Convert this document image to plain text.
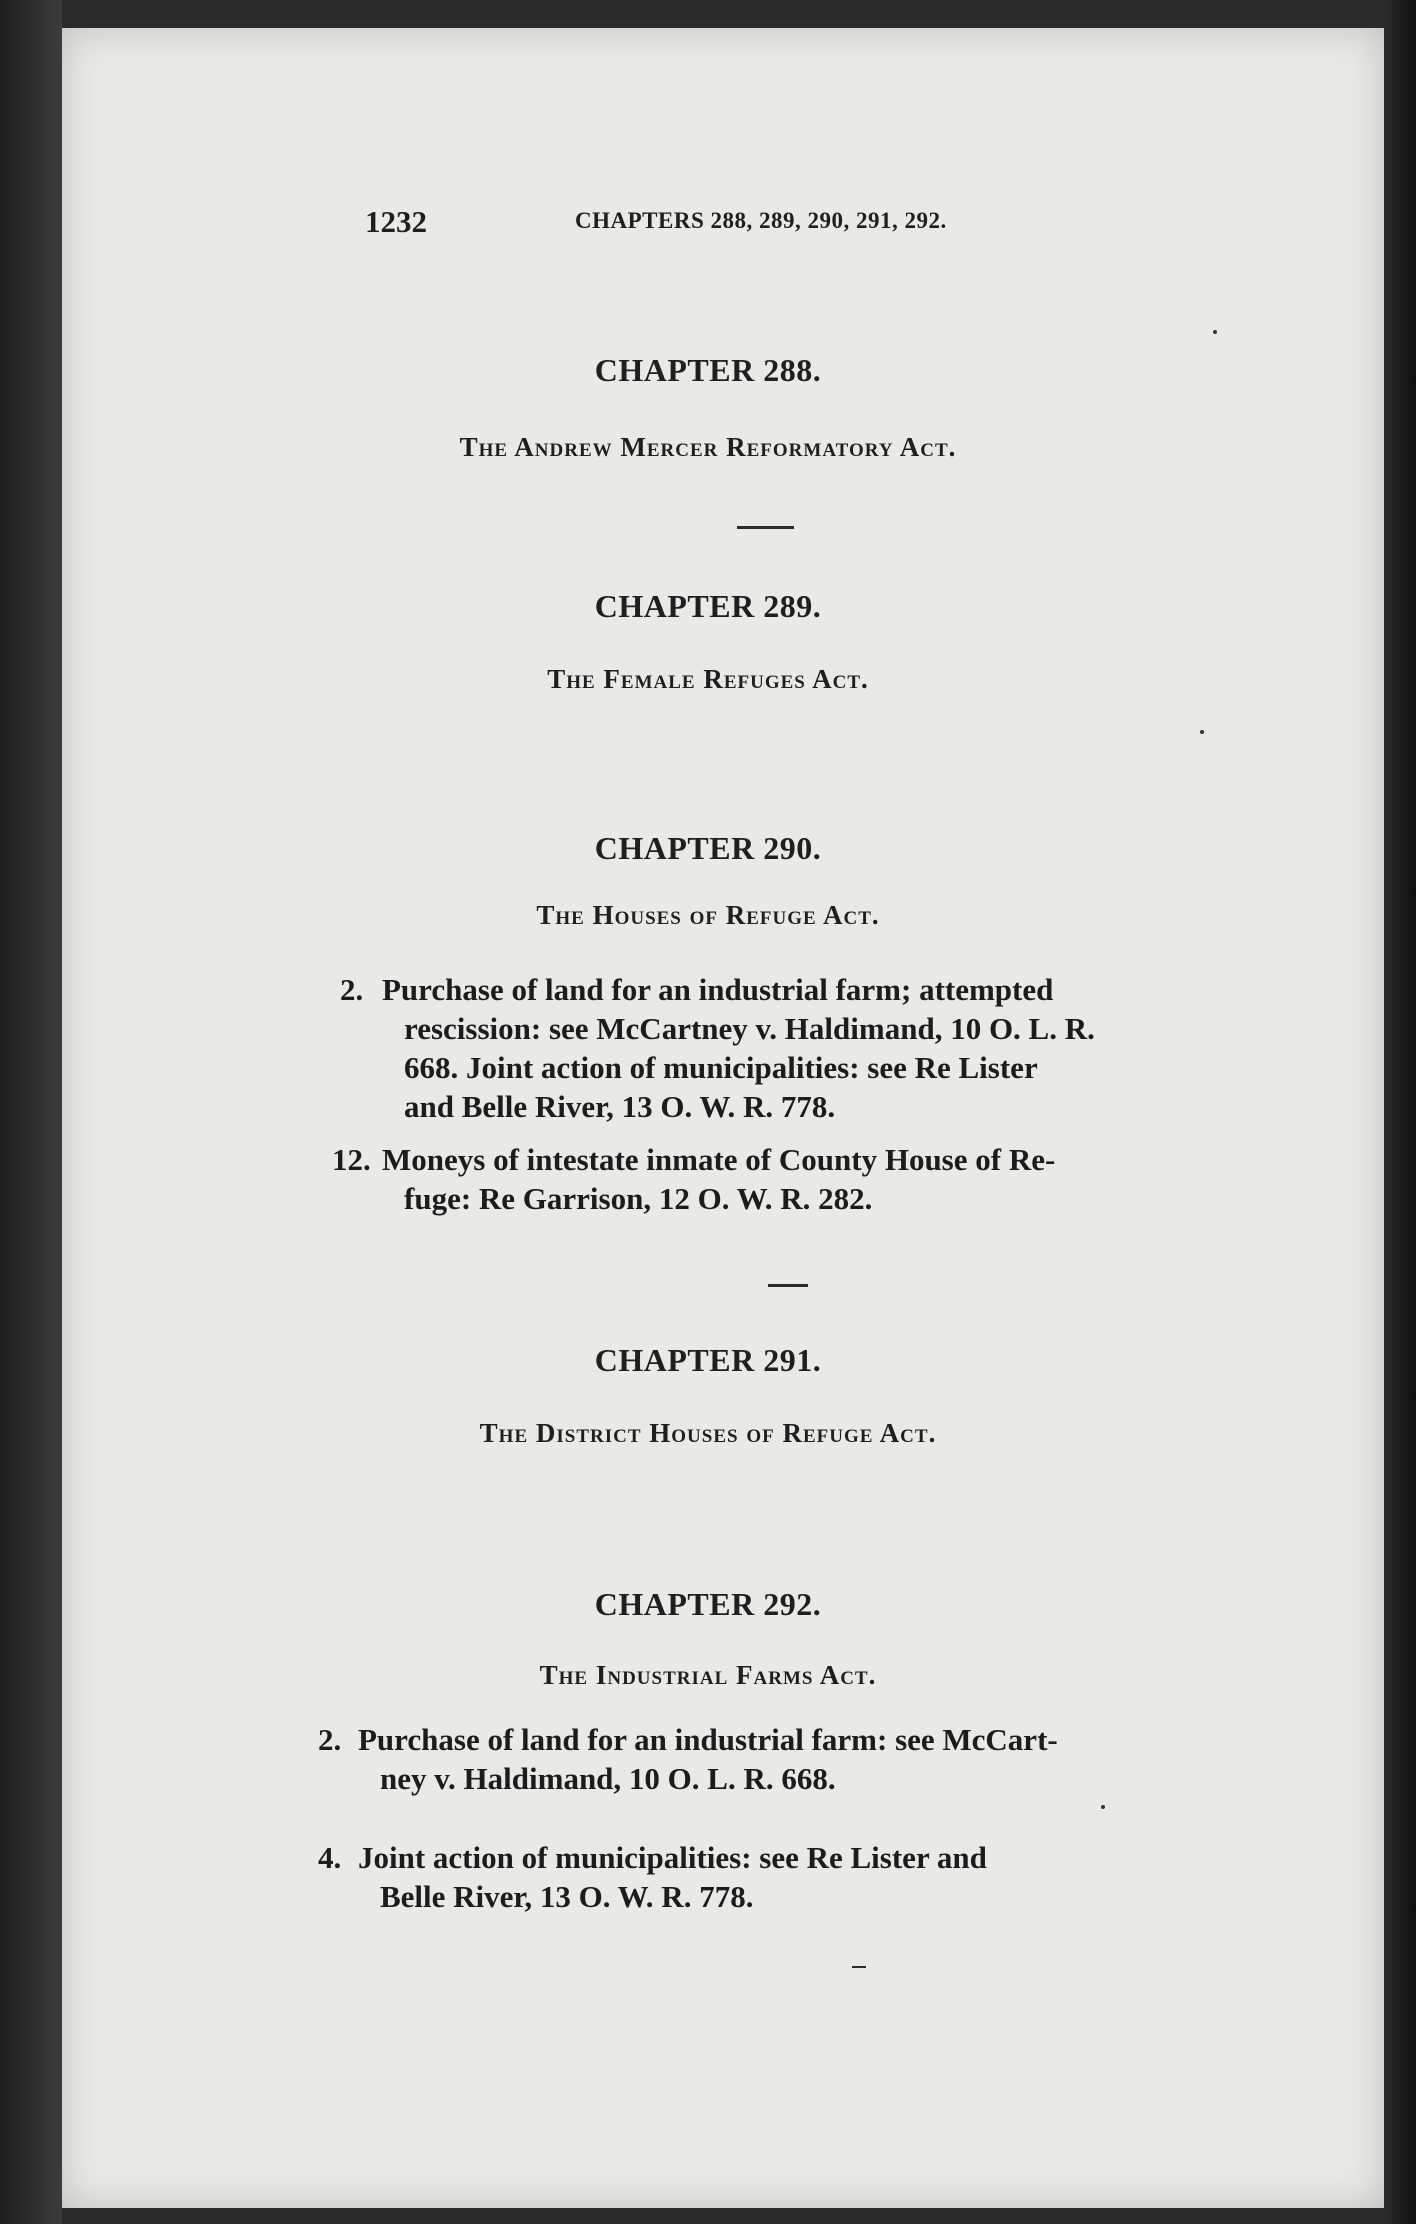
1232	CHAPTERS 288, 289, 290, 291, 292.
CHAPTER 288.
The Andrew Mercer Reformatory Act.
CHAPTER 289.
The Female Refuges Act.
CHAPTER 290.
The Houses of Refuge Act.
2. Purchase of land for an industrial farm; attempted
rescission: see McCartney v. Haldimand, 10 O. L. R.
668. Joint action of municipalities: see Re Lister
and Belle River, 13 O. W. R. 778.
12. Moneys of intestate inmate of County House of Re-
fuge: Re Garrison, 12 O. W. R. 282.
CHAPTER 291.
The District Houses of Refuge Act.
CHAPTER 292.
The Industrial Farms Act.
2. Purchase of land for an industrial farm: see McCart-
ney v. Haldimand, 10 O. L. R. 668.
4. Joint action of municipalities: see Re Lister and
Belle River, 13 O. W. R. 778.
